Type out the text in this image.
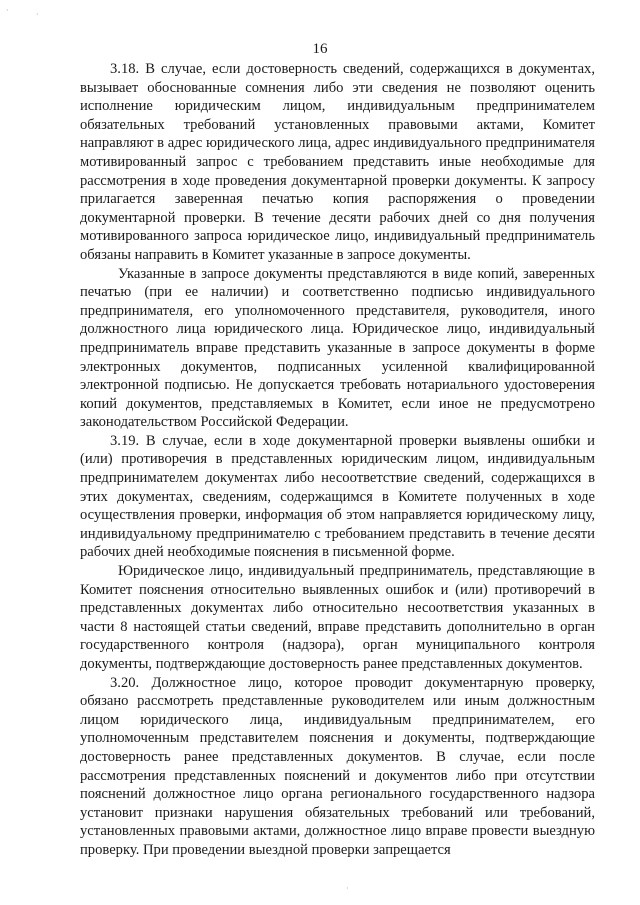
16

3.18. В случае, если достоверность сведений, содержащихся в документах, вызывает обоснованные сомнения либо эти сведения не позволяют оценить исполнение юридическим лицом, индивидуальным предпринимателем обязательных требований установленных правовыми актами, Комитет направляют в адрес юридического лица, адрес индивидуального предпринимателя мотивированный запрос с требованием представить иные необходимые для рассмотрения в ходе проведения документарной проверки документы. К запросу прилагается заверенная печатью копия распоряжения о проведении документарной проверки. В течение десяти рабочих дней со дня получения мотивированного запроса юридическое лицо, индивидуальный предприниматель обязаны направить в Комитет указанные в запросе документы.

Указанные в запросе документы представляются в виде копий, заверенных печатью (при ее наличии) и соответственно подписью индивидуального предпринимателя, его уполномоченного представителя, руководителя, иного должностного лица юридического лица. Юридическое лицо, индивидуальный предприниматель вправе представить указанные в запросе документы в форме электронных документов, подписанных усиленной квалифицированной электронной подписью. Не допускается требовать нотариального удостоверения копий документов, представляемых в Комитет, если иное не предусмотрено законодательством Российской Федерации.

3.19. В случае, если в ходе документарной проверки выявлены ошибки и (или) противоречия в представленных юридическим лицом, индивидуальным предпринимателем документах либо несоответствие сведений, содержащихся в этих документах, сведениям, содержащимся в Комитете полученных в ходе осуществления проверки, информация об этом направляется юридическому лицу, индивидуальному предпринимателю с требованием представить в течение десяти рабочих дней необходимые пояснения в письменной форме.

Юридическое лицо, индивидуальный предприниматель, представляющие в Комитет пояснения относительно выявленных ошибок и (или) противоречий в представленных документах либо относительно несоответствия указанных в части 8 настоящей статьи сведений, вправе представить дополнительно в орган государственного контроля (надзора), орган муниципального контроля документы, подтверждающие достоверность ранее представленных документов.

3.20. Должностное лицо, которое проводит документарную проверку, обязано рассмотреть представленные руководителем или иным должностным лицом юридического лица, индивидуальным предпринимателем, его уполномоченным представителем пояснения и документы, подтверждающие достоверность ранее представленных документов. В случае, если после рассмотрения представленных пояснений и документов либо при отсутствии пояснений должностное лицо органа регионального государственного надзора установит признаки нарушения обязательных требований или требований, установленных правовыми актами, должностное лицо вправе провести выездную проверку. При проведении выездной проверки запрещается

·	·
·
